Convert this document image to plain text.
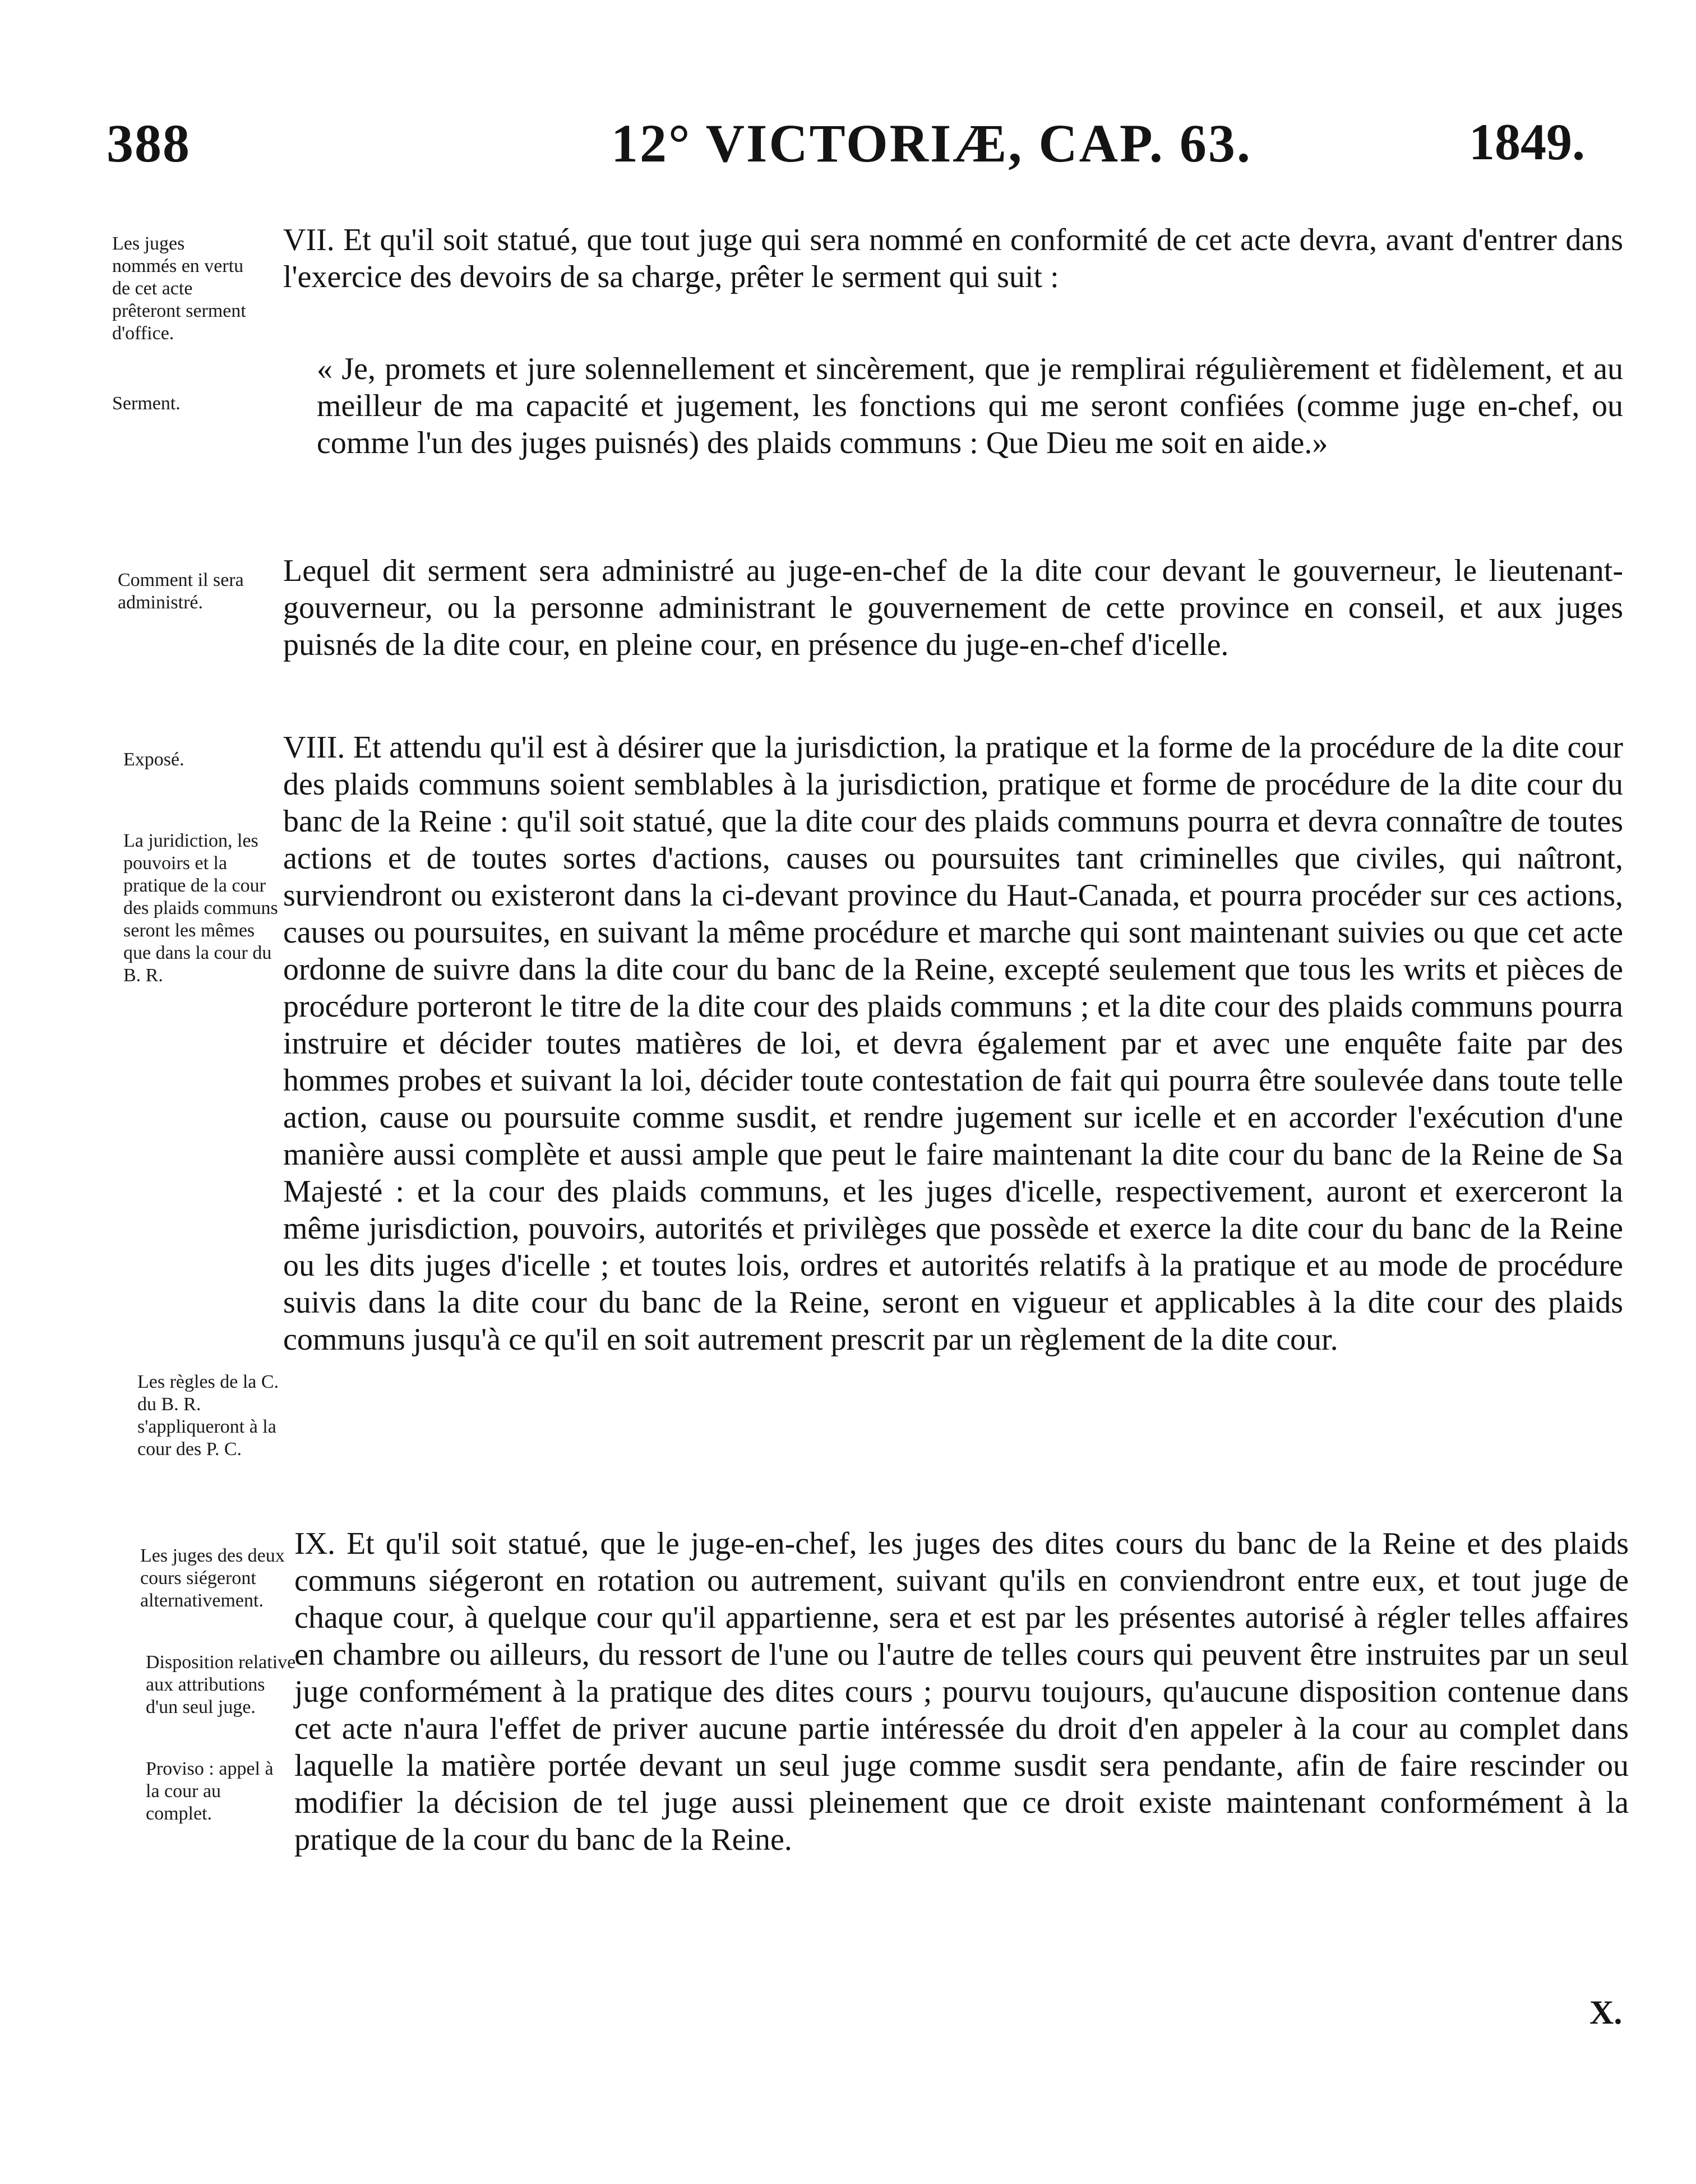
388	12° VICTORIÆ, CAP. 63.	1849.
Les juges nommés en vertu de cet acte prêteront serment d'office.
Serment.
Comment il sera administré.
Exposé.
La juridiction, les pouvoirs et la pratique de la cour des plaids communs seront les mêmes que dans la cour du B. R.
Les règles de la C. du B. R. s'appliqueront à la cour des P. C.
Les juges des deux cours siégeront alternativement.
Disposition relative aux attributions d'un seul juge.
Proviso : appel à la cour au complet.
VII. Et qu'il soit statué, que tout juge qui sera nommé en conformité de cet acte devra, avant d'entrer dans l'exercice des devoirs de sa charge, prêter le serment qui suit :
« Je, promets et jure solennellement et sincèrement, que je remplirai régulièrement et fidèlement, et au meilleur de ma capacité et jugement, les fonctions qui me seront confiées (comme juge en-chef, ou comme l'un des juges puisnés) des plaids communs : Que Dieu me soit en aide.»
Lequel dit serment sera administré au juge-en-chef de la dite cour devant le gouverneur, le lieutenant-gouverneur, ou la personne administrant le gouvernement de cette province en conseil, et aux juges puisnés de la dite cour, en pleine cour, en présence du juge-en-chef d'icelle.
VIII. Et attendu qu'il est à désirer que la jurisdiction, la pratique et la forme de la procédure de la dite cour des plaids communs soient semblables à la jurisdiction, pratique et forme de procédure de la dite cour du banc de la Reine : qu'il soit statué, que la dite cour des plaids communs pourra et devra connaître de toutes actions et de toutes sortes d'actions, causes ou poursuites tant criminelles que civiles, qui naîtront, surviendront ou existeront dans la ci-devant province du Haut-Canada, et pourra procéder sur ces actions, causes ou poursuites, en suivant la même procédure et marche qui sont maintenant suivies ou que cet acte ordonne de suivre dans la dite cour du banc de la Reine, excepté seulement que tous les writs et pièces de procédure porteront le titre de la dite cour des plaids communs ; et la dite cour des plaids communs pourra instruire et décider toutes matières de loi, et devra également par et avec une enquête faite par des hommes probes et suivant la loi, décider toute contestation de fait qui pourra être soulevée dans toute telle action, cause ou poursuite comme susdit, et rendre jugement sur icelle et en accorder l'exécution d'une manière aussi complète et aussi ample que peut le faire maintenant la dite cour du banc de la Reine de Sa Majesté : et la cour des plaids communs, et les juges d'icelle, respectivement, auront et exerceront la même jurisdiction, pouvoirs, autorités et privilèges que possède et exerce la dite cour du banc de la Reine ou les dits juges d'icelle ; et toutes lois, ordres et autorités relatifs à la pratique et au mode de procédure suivis dans la dite cour du banc de la Reine, seront en vigueur et applicables à la dite cour des plaids communs jusqu'à ce qu'il en soit autrement prescrit par un règlement de la dite cour.
IX. Et qu'il soit statué, que le juge-en-chef, les juges des dites cours du banc de la Reine et des plaids communs siégeront en rotation ou autrement, suivant qu'ils en conviendront entre eux, et tout juge de chaque cour, à quelque cour qu'il appartienne, sera et est par les présentes autorisé à régler telles affaires en chambre ou ailleurs, du ressort de l'une ou l'autre de telles cours qui peuvent être instruites par un seul juge conformément à la pratique des dites cours ; pourvu toujours, qu'aucune disposition contenue dans cet acte n'aura l'effet de priver aucune partie intéressée du droit d'en appeler à la cour au complet dans laquelle la matière portée devant un seul juge comme susdit sera pendante, afin de faire rescinder ou modifier la décision de tel juge aussi pleinement que ce droit existe maintenant conformément à la pratique de la cour du banc de la Reine.
X.
